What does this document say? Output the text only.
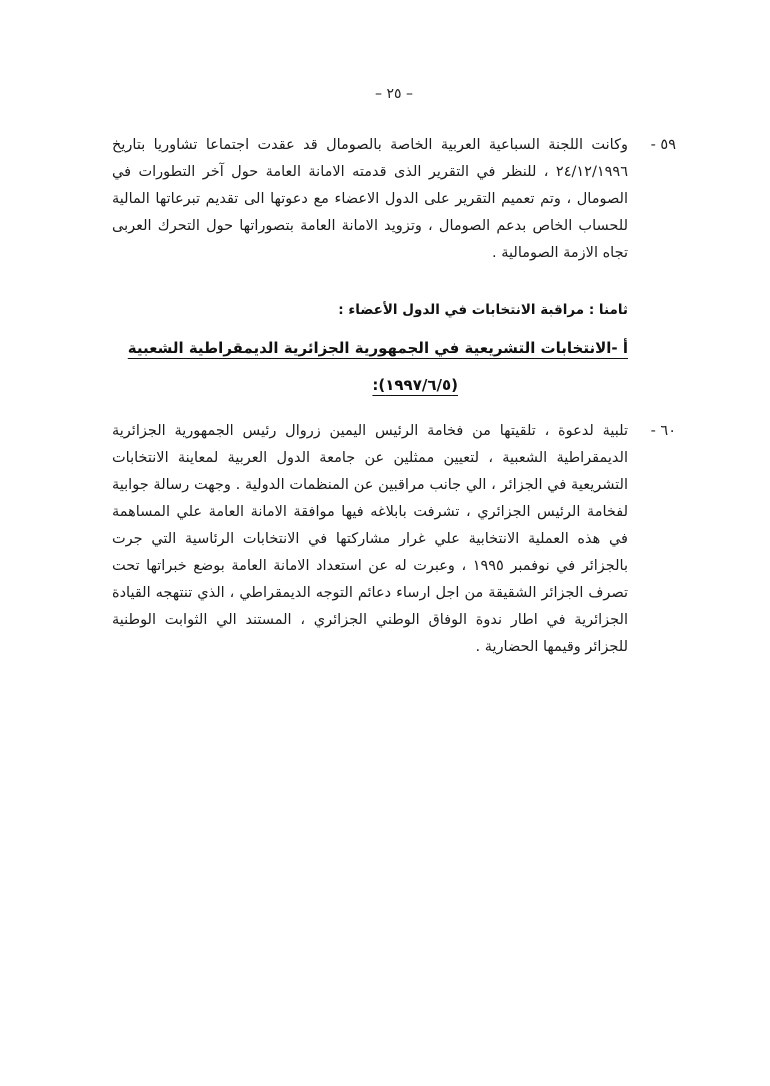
– ٢٥ –
٥٩ -
وكانت اللجنة السباعية العربية الخاصة بالصومال قد عقدت اجتماعا تشاوريا بتاريخ ٢٤/١٢/١٩٩٦ ، للنظر في التقرير الذى قدمته الامانة العامة حول آخر التطورات في الصومال ، وتم تعميم التقرير على الدول الاعضاء مع دعوتها الى تقديم تبرعاتها المالية للحساب الخاص بدعم الصومال ، وتزويد الامانة العامة بتصوراتها حول التحرك العربى تجاه الازمة الصومالية .
ثامنا : مراقبة الانتخابات في الدول الأعضاء :
أ -الانتخابات التشريعية في الجمهورية الجزائرية الديمقراطية الشعبية
(١٩٩٧/٦/٥):
٦٠ -
تلبية لدعوة ، تلقيتها من فخامة الرئيس اليمين زروال رئيس الجمهورية الجزائرية الديمقراطية الشعبية ، لتعيين ممثلين عن جامعة الدول العربية لمعاينة الانتخابات التشريعية في الجزائر ، الي جانب مراقبين عن المنظمات الدولية . وجهت رسالة جوابية لفخامة الرئيس الجزائري ، تشرفت بابلاغه فيها موافقة الامانة العامة علي المساهمة في هذه العملية الانتخابية علي غرار مشاركتها في الانتخابات الرئاسية التي جرت بالجزائر في نوفمبر ١٩٩٥ ، وعبرت له عن استعداد الامانة العامة بوضع خبراتها تحت تصرف الجزائر الشقيقة من اجل ارساء دعائم التوجه الديمقراطي ، الذي تنتهجه القيادة الجزائرية في اطار ندوة الوفاق الوطني الجزائري ، المستند الي الثوابت الوطنية للجزائر وقيمها الحضارية .
